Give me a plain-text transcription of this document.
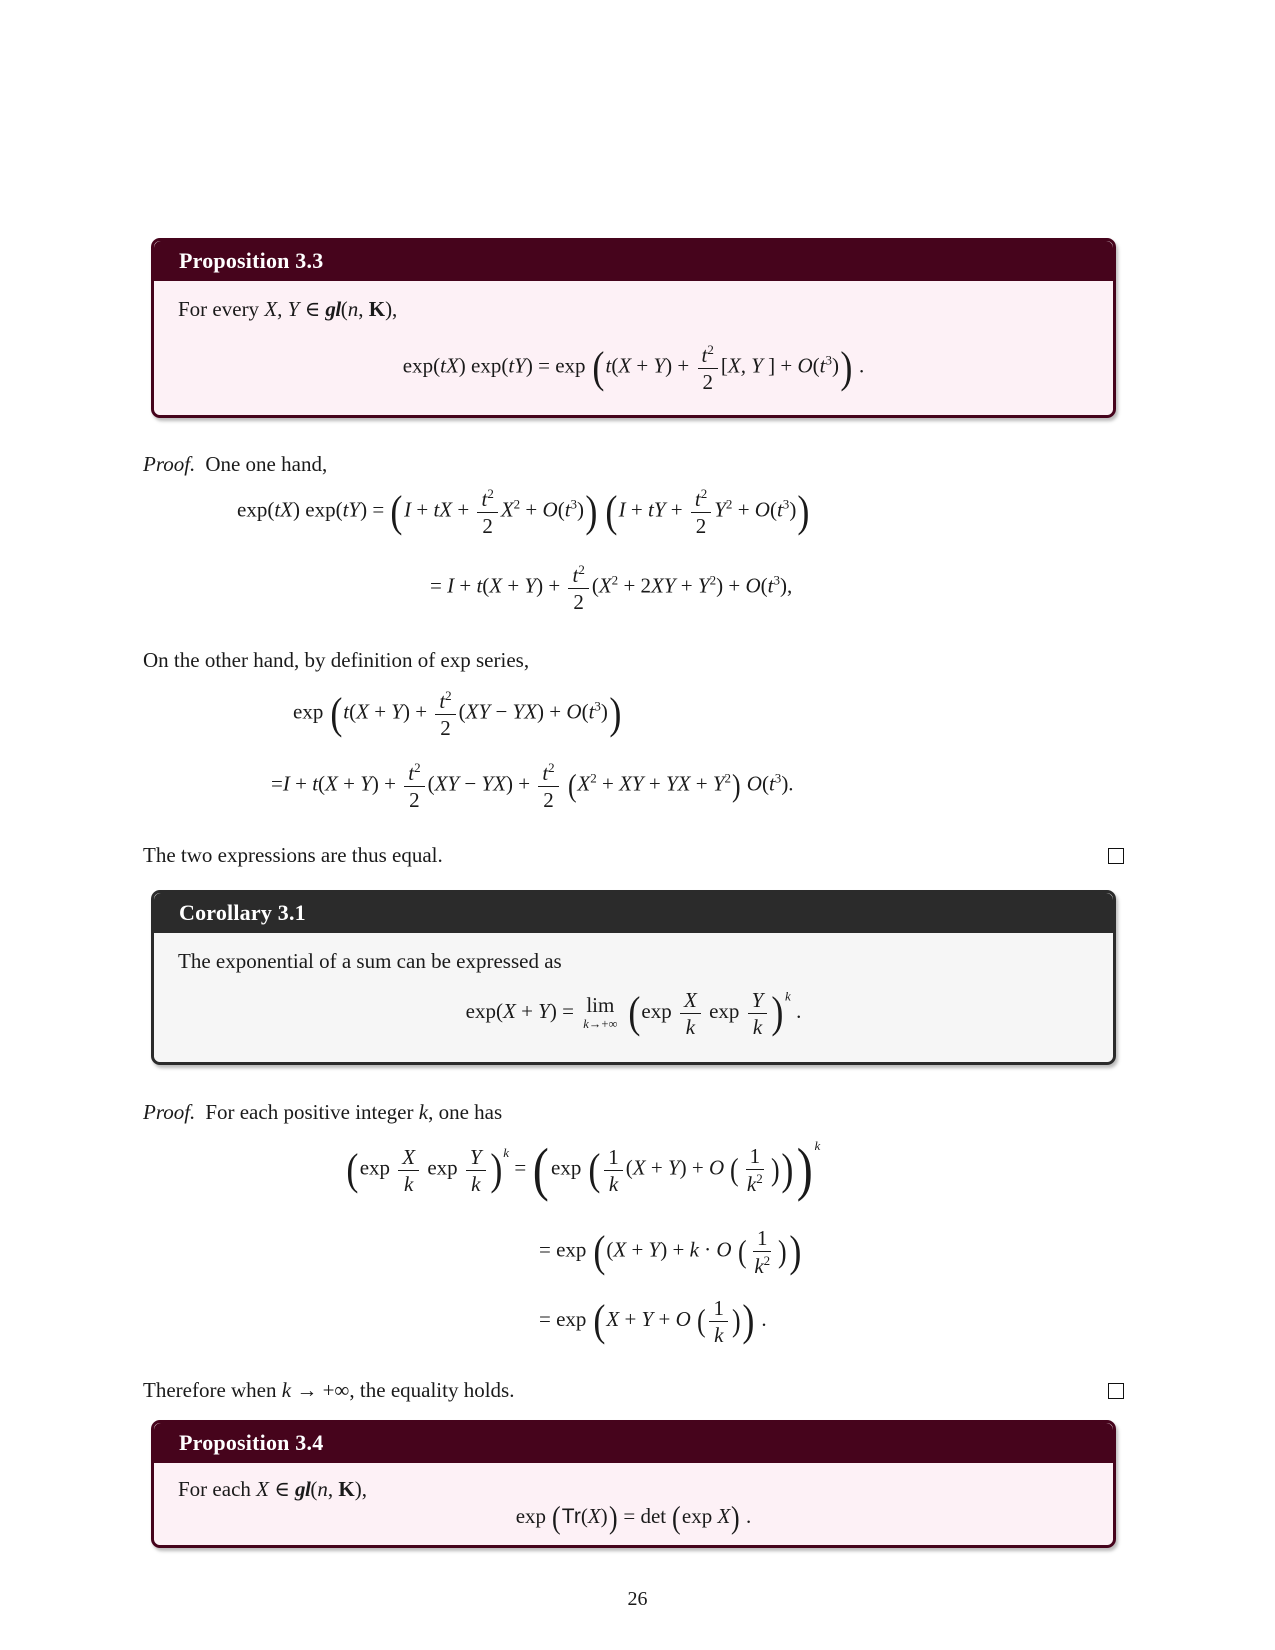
Proposition 3.3

For every X, Y ∈ gl(n, K),

exp(tX) $\exp(tY) = \exp (t(X + Y) + \frac{t^2}{2} [X$, Y ] + $O(t^3)$) .
Proof. One one hand,
exp(tX) exp(tY) = (I + tX + $\frac{t^2}{2} X^2 + O(t^3)$) (I + tY + $\frac{t^2}{2} Y^2 + O(t^3)$)
= $I + t(X + Y) + \frac{t^2}{2} (X^2 + 2XY + Y^2) + O(t^3)$,
On the other hand, by definition of exp series,
$\exp (t(X + Y) + \frac{t^2}{2} (XY - YX) + O(t^3))$
$=I + t(X + Y) + \frac{t^2}{2} (XY - YX) + \frac{t^2}{2} (X^2$ + XY + YX + $Y^2$) $O(t^3)$.
The two expressions are thus equal.
Corollary 3.1

The exponential of a sum can be expressed as

exp(X + Y) = lim
k→+∞ ($\exp \frac{X}{k}$ $\exp \frac{Y}{k} )^k$ .
Proof. For each positive integer k, one has
($\exp \frac{X}{k}$ $\exp \frac{Y}{k} )^k = (\exp$ ( $\frac{1}{k} (X + Y) + O$ ( $\frac{1}{k^2}$ ))) $^k$
= exp ((X + Y) + k · O ( $\frac{1}{k^2}$ ))
= exp (X + Y + O ( $\frac{1}{k}$ )) .
Therefore when k → +∞, the equality holds.
Proposition 3.4

For each X ∈ gl(n, K),

exp (Tr(X)) = det (exp X) .
26
